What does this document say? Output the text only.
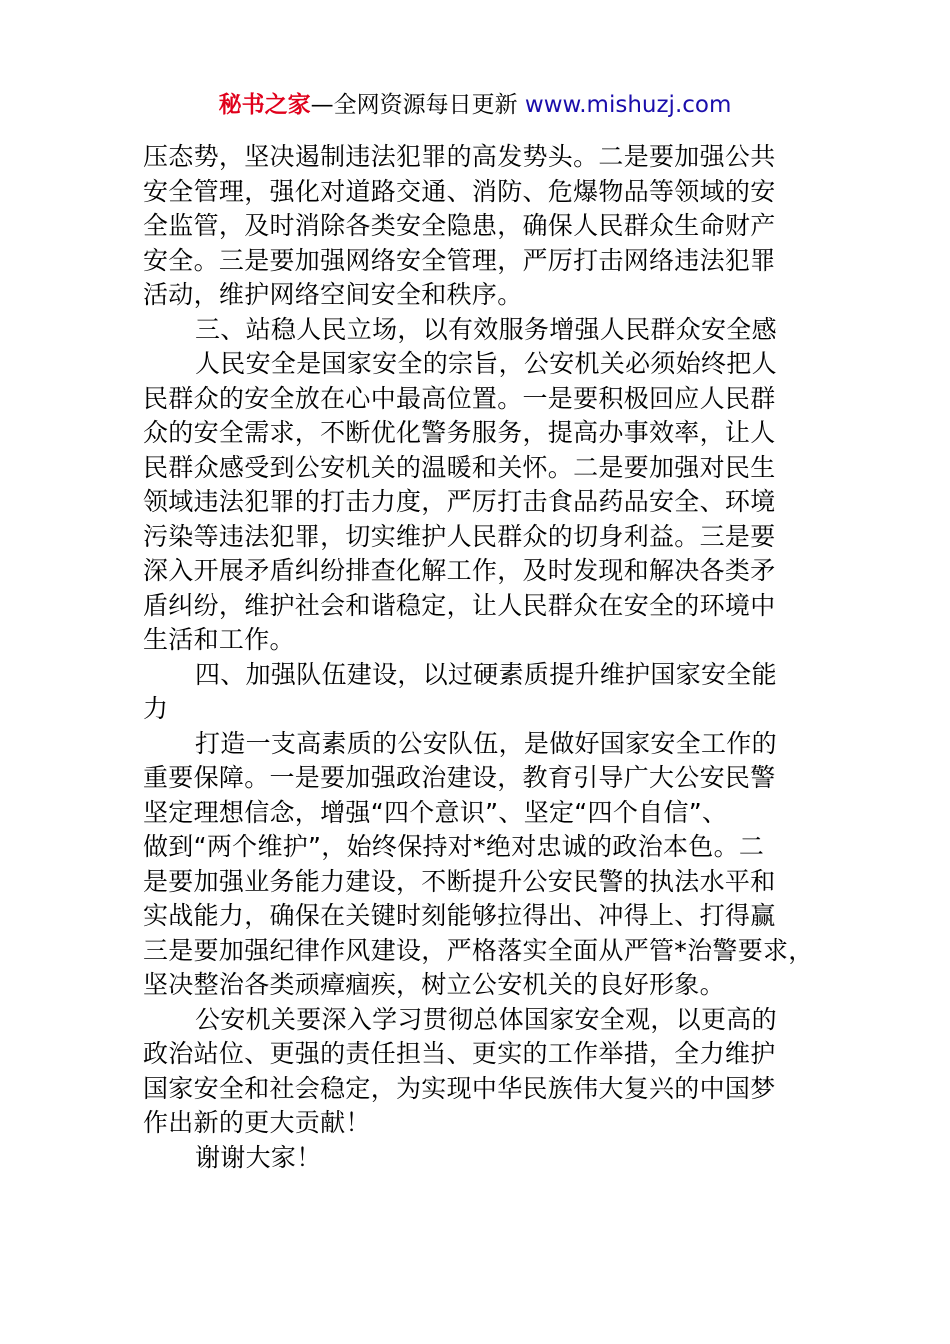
秘书之家—全网资源每日更新 www.mishuzj.com
压态势，坚决遏制违法犯罪的高发势头。二是要加强公共
安全管理，强化对道路交通、消防、危爆物品等领域的安
全监管，及时消除各类安全隐患，确保人民群众生命财产
安全。三是要加强网络安全管理，严厉打击网络违法犯罪
活动，维护网络空间安全和秩序。
三、站稳人民立场，以有效服务增强人民群众安全感
人民安全是国家安全的宗旨，公安机关必须始终把人
民群众的安全放在心中最高位置。一是要积极回应人民群
众的安全需求，不断优化警务服务，提高办事效率，让人
民群众感受到公安机关的温暖和关怀。二是要加强对民生
领域违法犯罪的打击力度，严厉打击食品药品安全、环境
污染等违法犯罪，切实维护人民群众的切身利益。三是要
深入开展矛盾纠纷排查化解工作，及时发现和解决各类矛
盾纠纷，维护社会和谐稳定，让人民群众在安全的环境中
生活和工作。
四、加强队伍建设，以过硬素质提升维护国家安全能
力
打造一支高素质的公安队伍，是做好国家安全工作的
重要保障。一是要加强政治建设，教育引导广大公安民警
坚定理想信念，增强“四个意识”、坚定“四个自信”、
做到“两个维护”，始终保持对*绝对忠诚的政治本色。二
是要加强业务能力建设，不断提升公安民警的执法水平和
实战能力，确保在关键时刻能够拉得出、冲得上、打得赢
三是要加强纪律作风建设，严格落实全面从严管*治警要求，
坚决整治各类顽瘴痼疾，树立公安机关的良好形象。
公安机关要深入学习贯彻总体国家安全观，以更高的
政治站位、更强的责任担当、更实的工作举措，全力维护
国家安全和社会稳定，为实现中华民族伟大复兴的中国梦
作出新的更大贡献！
谢谢大家！
